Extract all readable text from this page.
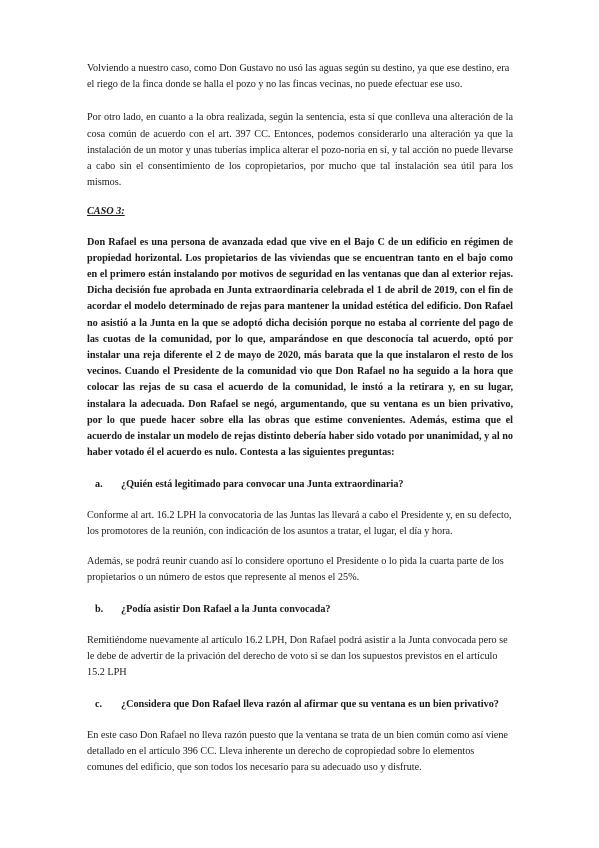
Volviendo a nuestro caso, como Don Gustavo no usó las aguas según su destino, ya que ese destino, era el riego de la finca donde se halla el pozo y no las fincas vecinas, no puede efectuar ese uso.

Por otro lado, en cuanto a la obra realizada, según la sentencia, esta sí que conlleva una alteración de la cosa común de acuerdo con el art. 397 CC. Entonces, podemos considerarlo una alteración ya que la instalación de un motor y unas tuberías implica alterar el pozo-noria en sí, y tal acción no puede llevarse a cabo sin el consentimiento de los copropietarios, por mucho que tal instalación sea útil para los mismos.

CASO 3:

Don Rafael es una persona de avanzada edad que vive en el Bajo C de un edificio en régimen de propiedad horizontal. Los propietarios de las viviendas que se encuentran tanto en el bajo como en el primero están instalando por motivos de seguridad en las ventanas que dan al exterior rejas. Dicha decisión fue aprobada en Junta extraordinaria celebrada el 1 de abril de 2019, con el fin de acordar el modelo determinado de rejas para mantener la unidad estética del edificio. Don Rafael no asistió a la Junta en la que se adoptó dicha decisión porque no estaba al corriente del pago de las cuotas de la comunidad, por lo que, amparándose en que desconocía tal acuerdo, optó por instalar una reja diferente el 2 de mayo de 2020, más barata que la que instalaron el resto de los vecinos. Cuando el Presidente de la comunidad vio que Don Rafael no ha seguido a la hora que colocar las rejas de su casa el acuerdo de la comunidad, le instó a la retirara y, en su lugar, instalara la adecuada. Don Rafael se negó, argumentando, que su ventana es un bien privativo, por lo que puede hacer sobre ella las obras que estime convenientes. Además, estima que el acuerdo de instalar un modelo de rejas distinto debería haber sido votado por unanimidad, y al no haber votado él el acuerdo es nulo. Contesta a las siguientes preguntas:

a.	¿Quién está legitimado para convocar una Junta extraordinaria?

Conforme al art. 16.2 LPH la convocatoria de las Juntas las llevará a cabo el Presidente y, en su defecto, los promotores de la reunión, con indicación de los asuntos a tratar, el lugar, el día y hora.

Además, se podrá reunir cuando así lo considere oportuno el Presidente o lo pida la cuarta parte de los propietarios o un número de estos que represente al menos el 25%.

b.	¿Podía asistir Don Rafael a la Junta convocada?

Remitiéndome nuevamente al artículo 16.2 LPH, Don Rafael podrá asistir a la Junta convocada pero se le debe de advertir de la privación del derecho de voto si se dan los supuestos previstos en el artículo 15.2 LPH

c.	¿Considera que Don Rafael lleva razón al afirmar que su ventana es un bien privativo?

En este caso Don Rafael no lleva razón puesto que la ventana se trata de un bien común como así viene detallado en el artículo 396 CC. Lleva inherente un derecho de copropiedad sobre lo elementos comunes del edificio, que son todos los necesario para su adecuado uso y disfrute.
